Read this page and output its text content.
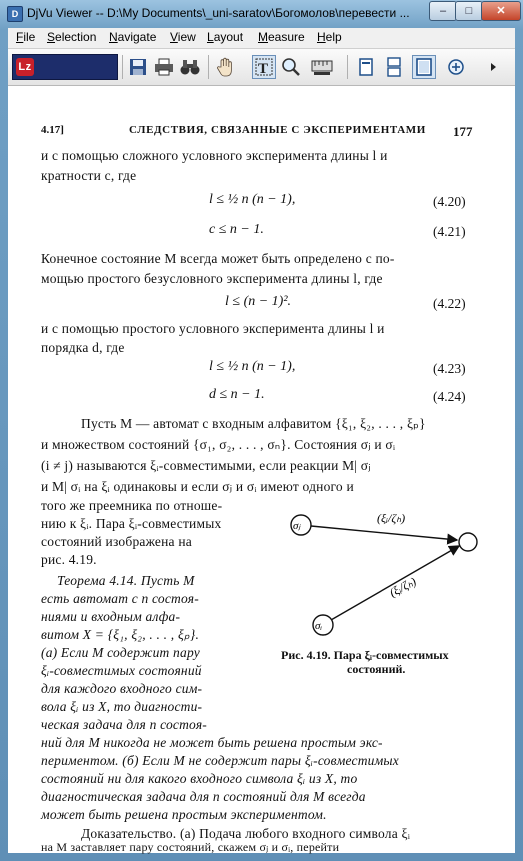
D DjVu Viewer -- D:\My Documents\_uni-saratov\Богомолов\перевести ...	–	□	✕
File Selection Navigate View Layout Measure Help
Lz	T
4.17]	СЛЕДСТВИЯ, СВЯЗАННЫЕ С ЭКСПЕРИМЕНТАМИ 177
и с помощью сложного условного эксперимента длины l и
кратности c, где
l ≤ ½ n (n − 1),	(4.20)
c ≤ n − 1.	(4.21)
Конечное состояние M всегда может быть определено с по-
мощью простого безусловного эксперимента длины l, где
l ≤ (n − 1)².	(4.22)
и с помощью простого условного эксперимента длины l и
порядка d, где
l ≤ ½ n (n − 1),	(4.23)
d ≤ n − 1.	(4.24)
Пусть M — автомат с входным алфавитом {ξ₁, ξ₂, . . . , ξₚ}
и множеством состояний {σ₁, σ₂, . . . , σₙ}. Состояния σⱼ и σᵢ
(i ≠ j) называются ξᵢ-совместимыми, если реакции M| σⱼ
и M| σᵢ на ξᵢ одинаковы и если σⱼ и σᵢ имеют одного и
того же преемника по отноше-
нию к ξᵢ. Пара ξᵢ-совместимых
состояний изображена на
рис. 4.19.
Теорема 4.14. Пусть M
есть автомат с n состоя-
ниями и входным алфа-
витом X = {ξ₁, ξ₂, . . . , ξₚ}.
(а) Если M содержит пару
ξᵢ-совместимых состояний
для каждого входного сим-
вола ξᵢ из X, то диагности-
ческая задача для n состоя-
ний для M никогда не может быть решена простым экс-
периментом. (б) Если M не содержит пары ξᵢ-совместимых
состояний ни для какого входного символа ξᵢ из X, то
диагностическая задача для n состояний для M всегда
может быть решена простым экспериментом.
σⱼ
σᵢ
(ξᵢ/ζₕ)
(ξᵢ/ζₕ)
Рис. 4.19. Пара ξᵢ-совместимых
состояний.
Доказательство. (а) Подача любого входного символа ξᵢ
на M заставляет пару состояний, скажем σⱼ и σᵢ, перейти
